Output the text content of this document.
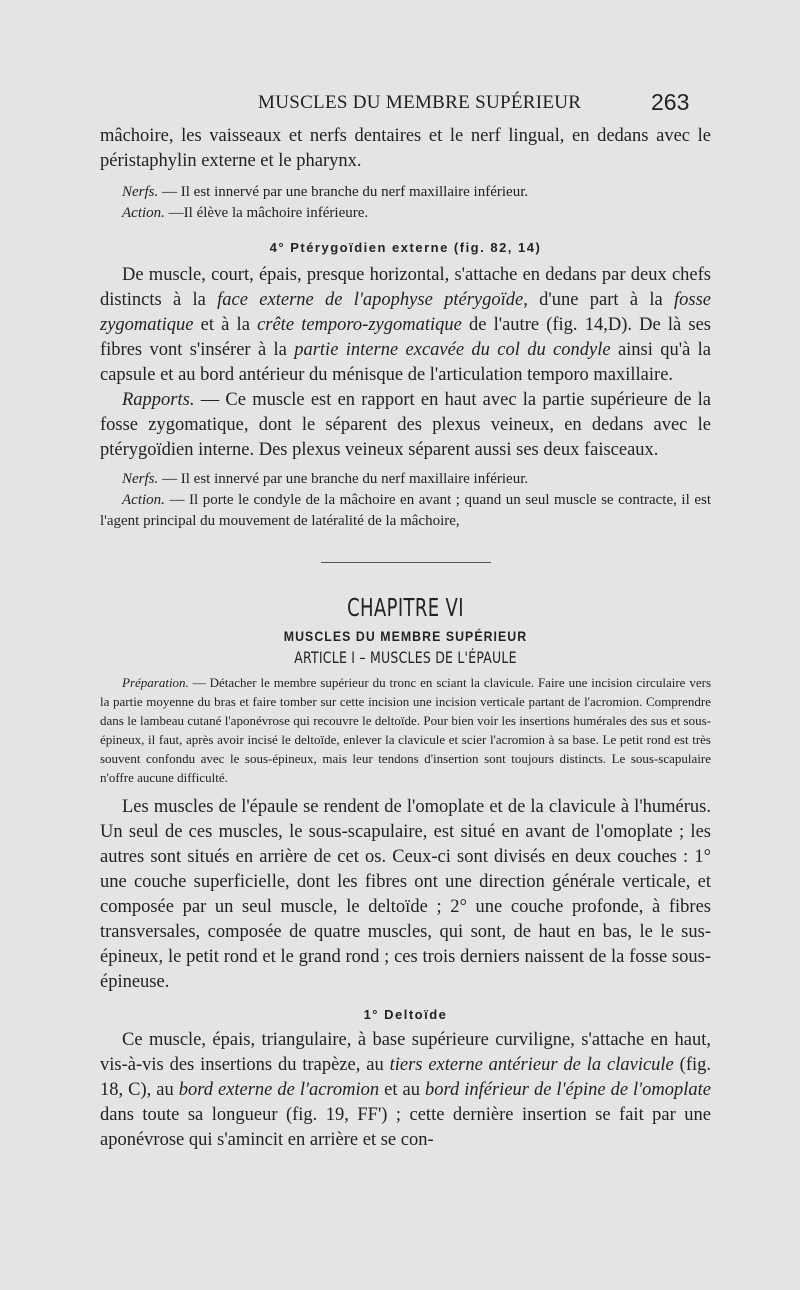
MUSCLES DU MEMBRE SUPÉRIEUR	263

mâchoire, les vaisseaux et nerfs dentaires et le nerf lingual, en dedans avec le péristaphylin externe et le pharynx.

Nerfs. — Il est innervé par une branche du nerf maxillaire inférieur.

Action. —Il élève la mâchoire inférieure.

4° Ptérygoïdien externe (fig. 82, 14)

De muscle, court, épais, presque horizontal, s'attache en dedans par deux chefs distincts à la face externe de l'apophyse ptérygoïde, d'une part à la fosse zygomatique et à la crête temporo-zygomatique de l'autre (fig. 14,D). De là ses fibres vont s'insérer à la partie interne excavée du col du condyle ainsi qu'à la capsule et au bord antérieur du ménisque de l'articulation temporo maxillaire.

Rapports. — Ce muscle est en rapport en haut avec la partie supérieure de la fosse zygomatique, dont le séparent des plexus veineux, en dedans avec le ptérygoïdien interne. Des plexus veineux séparent aussi ses deux faisceaux.

Nerfs. — Il est innervé par une branche du nerf maxillaire inférieur.

Action. — Il porte le condyle de la mâchoire en avant ; quand un seul muscle se contracte, il est l'agent principal du mouvement de latéralité de la mâchoire,

CHAPITRE VI
MUSCLES DU MEMBRE SUPÉRIEUR
ARTICLE I – MUSCLES DE L'ÉPAULE

Préparation. — Détacher le membre supérieur du tronc en sciant la clavicule. Faire une incision circulaire vers la partie moyenne du bras et faire tomber sur cette incision une incision verticale partant de l'acromion. Comprendre dans le lambeau cutané l'aponévrose qui recouvre le deltoïde. Pour bien voir les insertions humérales des sus et sous-épineux, il faut, après avoir incisé le deltoïde, enlever la clavicule et scier l'acromion à sa base. Le petit rond est très souvent confondu avec le sous-épineux, mais leur tendons d'insertion sont toujours distincts. Le sous-scapulaire n'offre aucune difficulté.

Les muscles de l'épaule se rendent de l'omoplate et de la clavicule à l'humérus. Un seul de ces muscles, le sous-scapulaire, est situé en avant de l'omoplate ; les autres sont situés en arrière de cet os. Ceux-ci sont divisés en deux couches : 1° une couche superficielle, dont les fibres ont une direction générale verticale, et composée par un seul muscle, le deltoïde ; 2° une couche profonde, à fibres transversales, composée de quatre muscles, qui sont, de haut en bas, le le sus-épineux, le petit rond et le grand rond ; ces trois derniers naissent de la fosse sous-épineuse.

1° Deltoïde

Ce muscle, épais, triangulaire, à base supérieure curviligne, s'attache en haut, vis-à-vis des insertions du trapèze, au tiers externe antérieur de la clavicule (fig. 18, C), au bord externe de l'acromion et au bord inférieur de l'épine de l'omoplate dans toute sa longueur (fig. 19, FF') ; cette dernière insertion se fait par une aponévrose qui s'amincit en arrière et se con-
